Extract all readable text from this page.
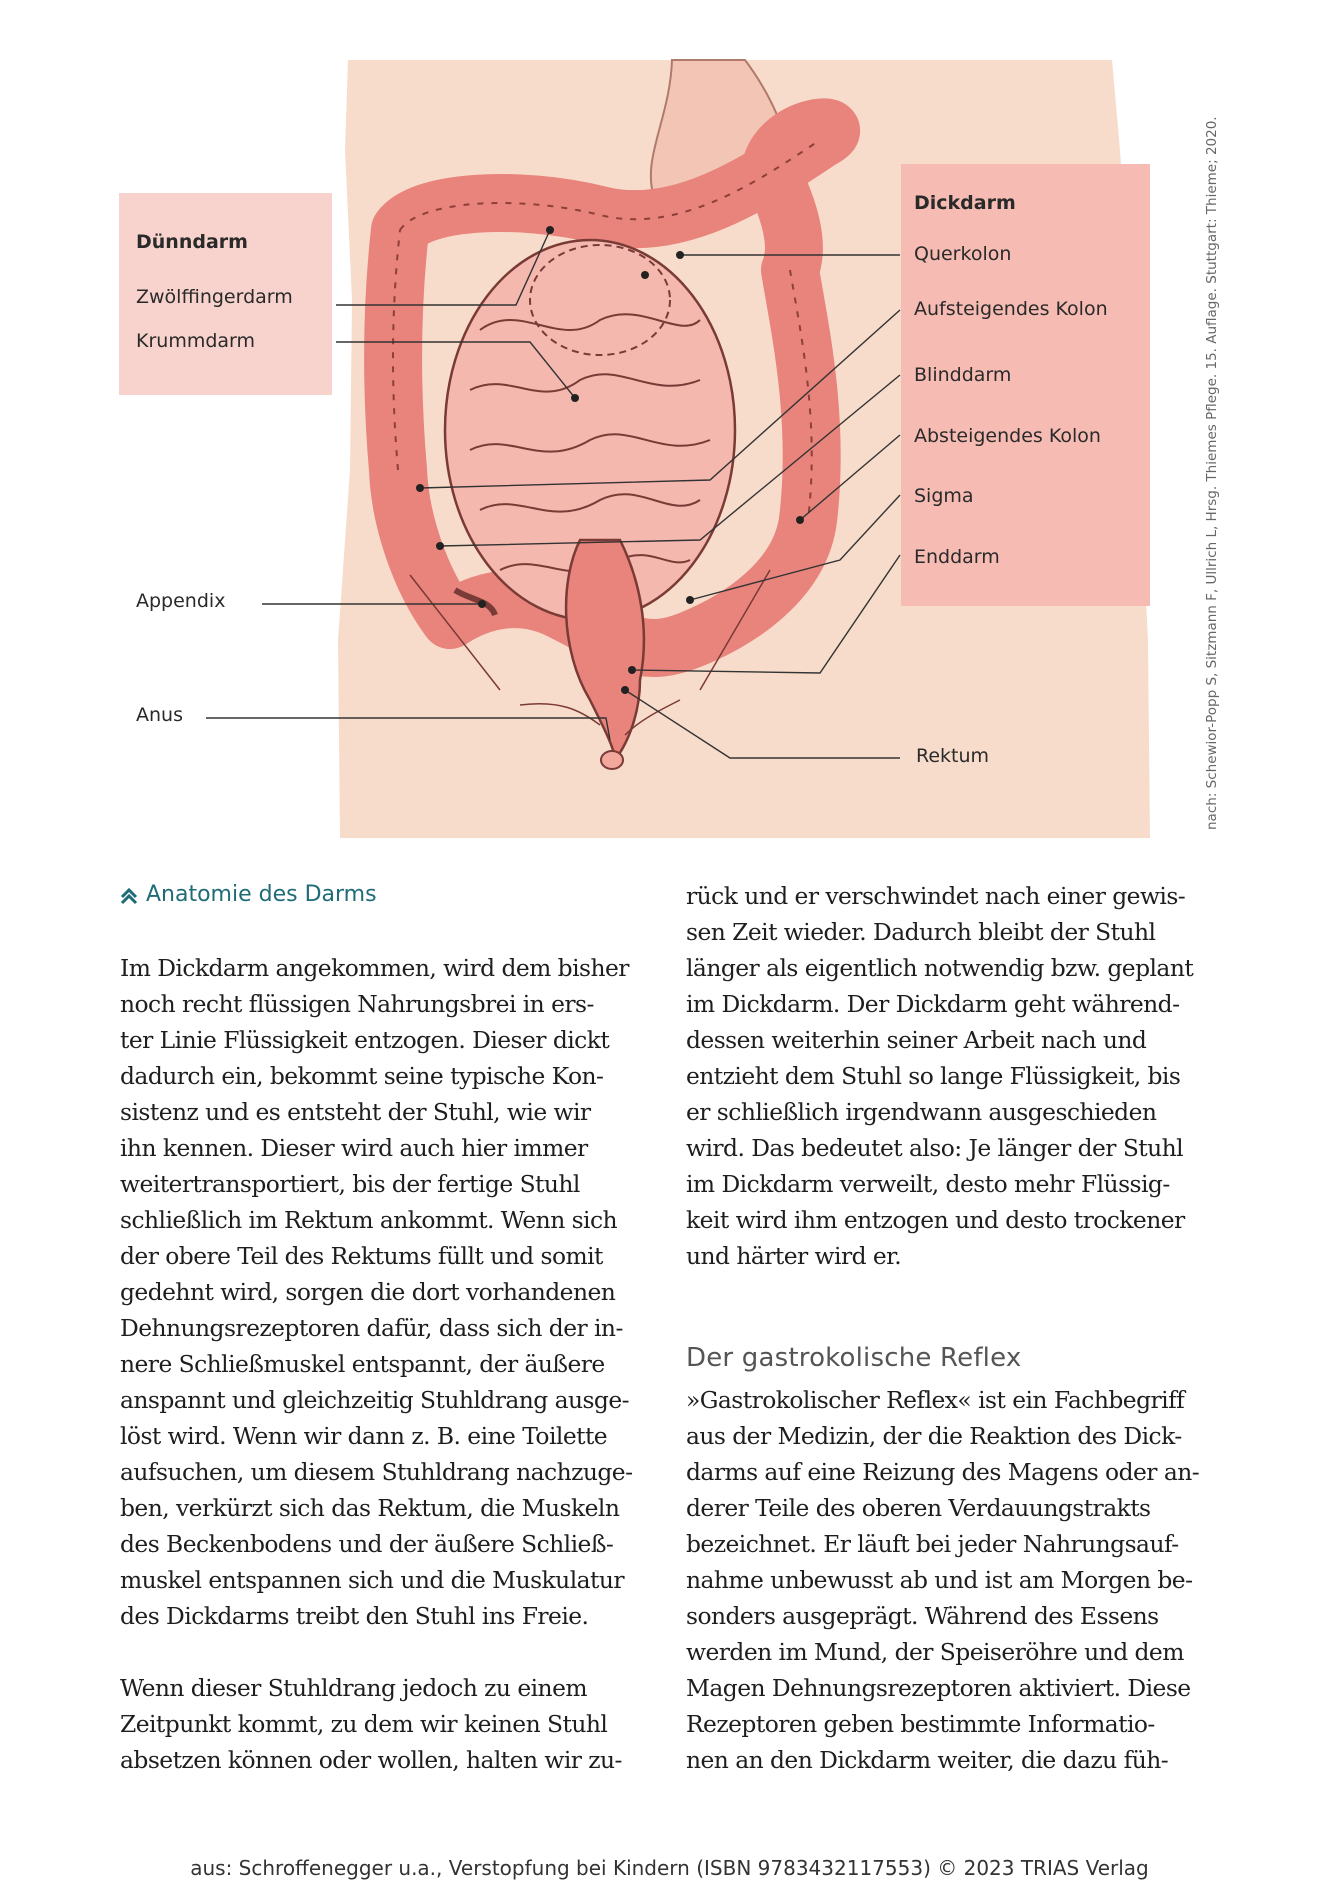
Dünndarm
Zwölffingerdarm
Krummdarm
Dickdarm
Querkolon
Aufsteigendes Kolon
Blinddarm
Absteigendes Kolon
Sigma
Enddarm
Appendix
Anus
Rektum	nach: Schewior-Popp S, Sitzmann F, Ullrich L, Hrsg. Thiemes Pflege. 15. Auflage. Stuttgart: Thieme; 2020.
Anatomie des Darms
Im Dickdarm angekommen, wird dem bisher
noch recht flüssigen Nahrungsbrei in ers-
ter Linie Flüssigkeit entzogen. Dieser dickt
dadurch ein, bekommt seine typische Kon-
sistenz und es entsteht der Stuhl, wie wir
ihn kennen. Dieser wird auch hier immer
weitertransportiert, bis der fertige Stuhl
schließlich im Rektum ankommt. Wenn sich
der obere Teil des Rektums füllt und somit
gedehnt wird, sorgen die dort vorhandenen
Dehnungsrezeptoren dafür, dass sich der in-
nere Schließmuskel entspannt, der äußere
anspannt und gleichzeitig Stuhldrang ausge-
löst wird. Wenn wir dann z. B. eine Toilette
aufsuchen, um diesem Stuhldrang nachzuge-
ben, verkürzt sich das Rektum, die Muskeln
des Beckenbodens und der äußere Schließ-
muskel entspannen sich und die Muskulatur
des Dickdarms treibt den Stuhl ins Freie.
Wenn dieser Stuhldrang jedoch zu einem
Zeitpunkt kommt, zu dem wir keinen Stuhl
absetzen können oder wollen, halten wir zu-
rück und er verschwindet nach einer gewis-
sen Zeit wieder. Dadurch bleibt der Stuhl
länger als eigentlich notwendig bzw. geplant
im Dickdarm. Der Dickdarm geht während-
dessen weiterhin seiner Arbeit nach und
entzieht dem Stuhl so lange Flüssigkeit, bis
er schließlich irgendwann ausgeschieden
wird. Das bedeutet also: Je länger der Stuhl
im Dickdarm verweilt, desto mehr Flüssig-
keit wird ihm entzogen und desto trockener
und härter wird er.
Der gastrokolische Reflex
»Gastrokolischer Reflex« ist ein Fachbegriff
aus der Medizin, der die Reaktion des Dick-
darms auf eine Reizung des Magens oder an-
derer Teile des oberen Verdauungstrakts
bezeichnet. Er läuft bei jeder Nahrungsauf-
nahme unbewusst ab und ist am Morgen be-
sonders ausgeprägt. Während des Essens
werden im Mund, der Speiseröhre und dem
Magen Dehnungsrezeptoren aktiviert. Diese
Rezeptoren geben bestimmte Informatio-
nen an den Dickdarm weiter, die dazu füh-
aus: Schroffenegger u.a., Verstopfung bei Kindern (ISBN 9783432117553) © 2023 TRIAS Verlag
